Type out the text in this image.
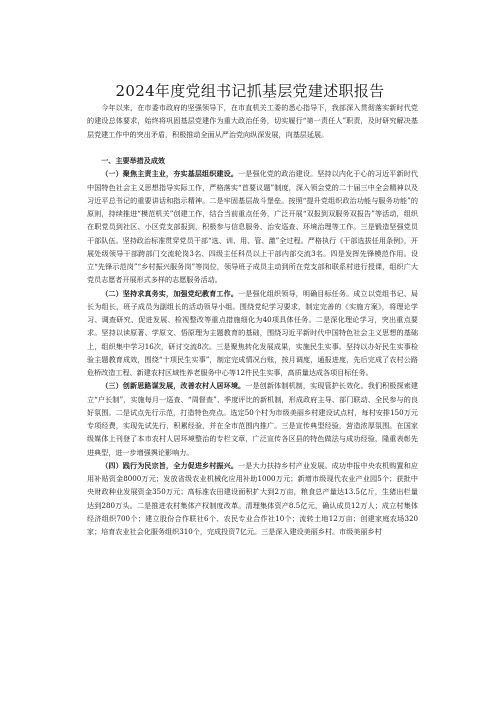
2024年度党组书记抓基层党建述职报告

今年以来，在市委市政府的坚强领导下，在市直机关工委的悉心指导下，我部深入贯彻落实新时代党的建设总体要求，始终将巩固基层党建作为重大政治任务，切实履行“第一责任人”职责，及时研究解决基层党建工作中的突出矛盾，积极推动全面从严治党向纵深发展，向基层延展。

一、主要举措及成效

（一）聚焦主责主业，夯实基层组织建设。一是强化党的政治建设。坚持以内化于心的习近平新时代中国特色社会主义思想指导实际工作，严格落实“首要议题”制度，深入领会党的二十届三中全会精神以及习近平总书记的重要讲话和指示精神。二是牢固基层战斗堡垒。按照“提升党组织政治功能与服务功能”的原则，持续推进“模范机关”创建工作，结合当前重点任务，广泛开展“双报到双服务双报告”等活动，组织在职党员到社区、小区党支部报到，积极参与信息服务、治安巡查、环境治理等工作。三是锻造坚强党员干部队伍。坚持政治标准贯穿党员干部“选、训、用、管、激”全过程。严格执行《干部选拔任用条例》，开展处级领导干部跨部门交流轮岗3名、四级主任科员以上干部内部交流3名。四是发挥先锋模范作用。设立“先锋示范岗”“乡村振兴服务岗”等岗位，领导班子成员主动到所在党支部和联系村进行授课，组织广大党员志愿者开展形式多样的志愿服务活动。

（二）坚持求真务实，加强党纪教育工作。一是强化组织领导，明确目标任务。成立以党组书记、局长为组长，班子成员为副组长的活动领导小组。围绕党纪学习要求，制定完善的《实施方案》，将理论学习、调查研究、促进发展、检视整改等重点措施细化为40项具体任务。二是深化理论学习，突出重点要求。坚持以读原著、学原文、悟原理为主题教育的基础，围绕习近平新时代中国特色社会主义思想的基础上，组织集中学习16次，研讨交流8次。三是聚焦转化发展成果，实施民生实事。坚持以办好民生实事检验主题教育成效，围绕“十项民生实事”，制定完成情况台账，按月调度，通报进度，先后完成了农村公路危桥改造工程、新建农村区域性养老服务中心等12件民生实事，高质量达成各项目标任务。

（三）创新思路谋发展，改善农村人居环境。一是创新体制机制，实现管护长效化。我们积极探索建立“户长制”，实施每月一巡查、“周督查”、季度评比的新机制，形成政府主导、部门联动、全民参与的良好氛围。二是试点先行示范，打造特色亮点。选定50个村为市级美丽乡村建设试点村，每村安排150万元专项经费，实现先试先行，积累经验，并在全市范围内推广。三是宣传典型经验，营造浓厚氛围。在国家级媒体上刊登了本市农村人居环境整治的专栏文章，广泛宣传各区县的特色做法与成功经验，隆重表彰先进典型，进一步增强舆论影响力。

（四）践行为民宗旨，全力促进乡村振兴。一是大力扶持乡村产业发展。成功申报中央农机购置和应用补贴资金8000万元；发放省级农业机械化应用补助1000万元；新增市级现代农业产业园5个；获批中央财政种业发展资金350万元；高标准农田建设面积扩大到2万亩，粮食总产量达13.5亿斤，生猪出栏量达到280万头。二是推进农村集体产权制度改革。清理集体资产8.5亿元，确认成员12万人；成立村集体经济组织700个；建立股份合作联社6个、农民专业合作社10个；流转土地12万亩；创建家庭农场320家；培育农业社会化服务组织310个，完成投资7亿元。三是深入建设美丽乡村。市级美丽乡村
